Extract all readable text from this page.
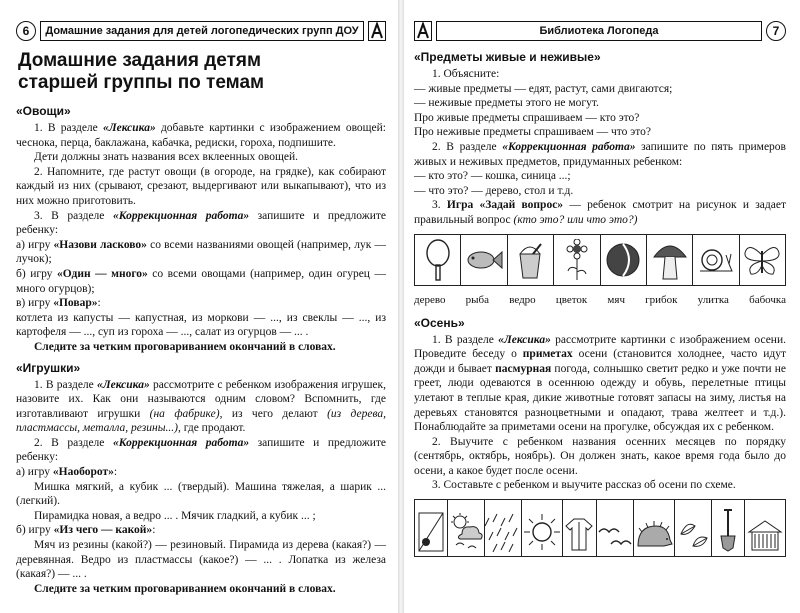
6	Домашние задания для детей логопедических групп ДОУ
Домашние задания детям
старшей группы по темам
«Овощи»

1. В разделе «Лексика» добавьте картинки с изображением овощей: чеснока, перца, баклажана, кабачка, редиски, гороха, подпишите.

Дети должны знать названия всех вклеенных овощей.

2. Напомните, где растут овощи (в огороде, на грядке), как собирают каждый из них (срывают, срезают, выдергивают или выкапывают), что из них можно приготовить.

3. В разделе «Коррекционная работа» запишите и предложите ребенку:

а) игру «Назови ласково» со всеми названиями овощей (например, лук — лучок);

б) игру «Один — много» со всеми овощами (например, один огурец — много огурцов);

в) игру «Повар»:

котлета из капусты — капустная, из моркови — ..., из свеклы — ..., из картофеля — ..., суп из гороха — ..., салат из огурцов — ... .

Следите за четким проговариванием окончаний в словах.

«Игрушки»

1. В разделе «Лексика» рассмотрите с ребенком изображения игрушек, назовите их. Как они называются одним словом? Вспомнить, где изготавливают игрушки (на фабрике), из чего делают (из дерева, пластмассы, металла, резины...), где продают.

2. В разделе «Коррекционная работа» запишите и предложите ребенку:

а) игру «Наоборот»:

Мишка мягкий, а кубик ... (твердый). Машина тяжелая, а шарик ... (легкий).

Пирамидка новая, а ведро ... . Мячик гладкий, а кубик ... ;

б) игру «Из чего — какой»:

Мяч из резины (какой?) — резиновый. Пирамида из дерева (какая?) — деревянная. Ведро из пластмассы (какое?) — ... . Лопатка из железа (какая?) — ... .

Следите за четким проговариванием окончаний в словах.

Библиотека Логопеда	7
«Предметы живые и неживые»

1. Объясните:

— живые предметы — едят, растут, сами двигаются;

— неживые предметы этого не могут.

Про живые предметы спрашиваем — кто это?

Про неживые предметы спрашиваем — что это?

2. В разделе «Коррекционная работа» запишите по пять примеров живых и неживых предметов, придуманных ребенком:

— кто это? — кошка, синица ...;

— что это? — дерево, стол и т.д.

3. Игра «Задай вопрос» — ребенок смотрит на рисунок и задает правильный вопрос (кто это? или что это?)

дерево рыба ведро цветок мяч грибок улитка бабочка
«Осень»

1. В разделе «Лексика» рассмотрите картинки с изображением осени. Проведите беседу о приметах осени (становится холоднее, часто идут дожди и бывает пасмурная погода, солнышко светит редко и уже почти не греет, люди одеваются в осеннюю одежду и обувь, перелетные птицы улетают в теплые края, дикие животные готовят запасы на зиму, листья на деревьях становятся разноцветными и опадают, трава желтеет и т.д.). Понаблюдайте за приметами осени на прогулке, обсуждая их с ребенком.

2. Выучите с ребенком названия осенних месяцев по порядку (сентябрь, октябрь, ноябрь). Он должен знать, какое время года было до осени, а какое будет после осени.

3. Составьте с ребенком и выучите рассказ об осени по схеме.
